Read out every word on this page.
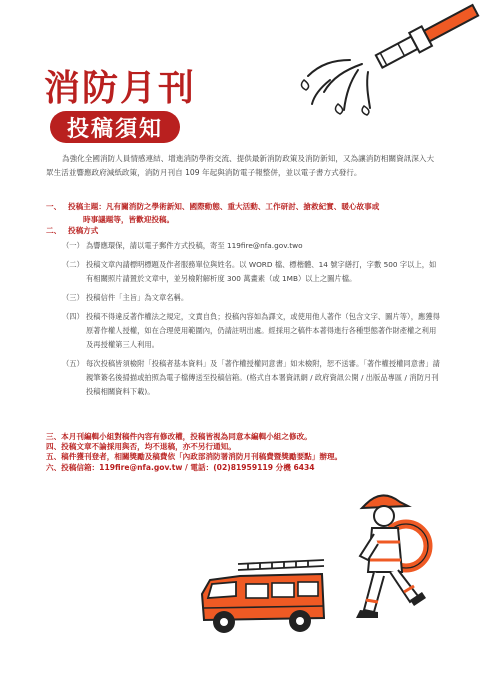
消防月刊
投稿須知

為強化全國消防人員情感連結、增進消防學術交流、提供最新消防政策及消防新知，又為讓消防相關資訊深入大眾生活並響應政府減紙政策，消防月刊自 109 年起與消防電子報整併，並以電子書方式發行。

一、 投稿主題：凡有關消防之學術新知、國際動態、重大活動、工作研討、搶救紀實、暖心故事或
時事議題等，皆歡迎投稿。
二、 投稿方式
（一） 為響應環保，請以電子郵件方式投稿，寄至 119fire@nfa.gov.two
（二） 投稿文章內請標明標題及作者服務單位與姓名。以 WORD 檔、標楷體、14 號字繕打，字數 500 字以上，如有相關照片請置於文章中，並另檢附解析度 300 萬畫素（或 1MB）以上之圖片檔。
（三） 投稿信件「主旨」為文章名稱。
（四） 投稿不得違反著作權法之規定，文責自負；投稿內容如為譯文，或使用他人著作（包含文字、圖片等），應獲得原著作權人授權，如在合理使用範圍內，仍請註明出處。經採用之稿件本著得進行各種型態著作財產權之利用及再授權第三人利用。
（五） 每次投稿皆須檢附「投稿者基本資料」及「著作權授權同意書」如未檢附，恕不送審。「著作權授權同意書」請親筆簽名後掃描或拍照為電子檔傳送至投稿信箱。(格式自本署資訊網 / 政府資訊公開 / 出版品專區 / 消防月刊投稿相關資料下載)。

三、本月刊編輯小組對稿件內容有修改權，投稿皆視為同意本編輯小組之修改。

四、投稿文章不論採用與否，均不退稿，亦不另行通知。

五、稿件獲刊登者，相關獎勵及稿費依「內政部消防署消防月刊稿費暨獎勵要點」辦理。

六、投稿信箱：119fire@nfa.gov.tw / 電話：(02)81959119 分機 6434
